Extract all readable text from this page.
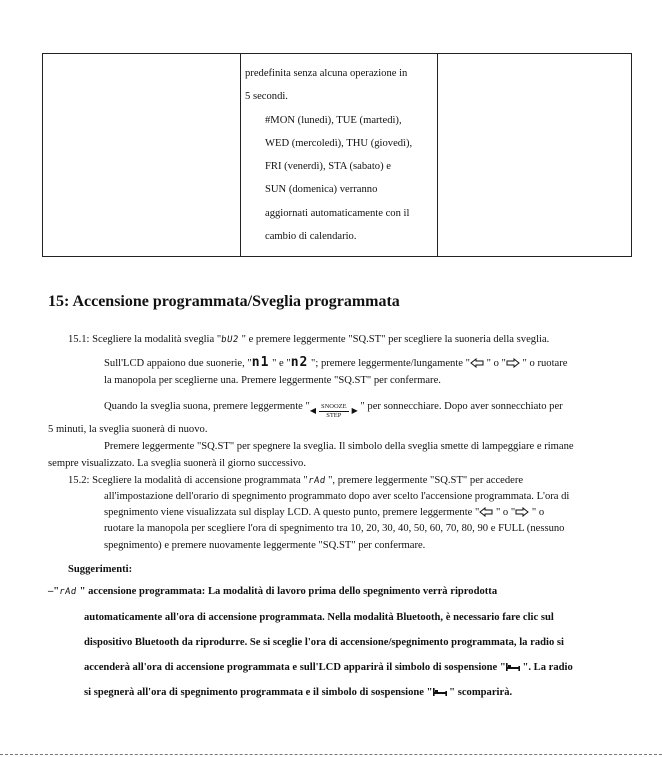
predefinita senza alcuna operazione in
5 secondi.
#MON (lunedì), TUE (martedì),
WED (mercoledì), THU (giovedì),
FRI (venerdì), STA (sabato) e
SUN (domenica) verranno
aggiornati automaticamente con il
cambio di calendario.
15: Accensione programmata/Sveglia programmata
15.1: Scegliere la modalità sveglia "bU2 " e premere leggermente "SQ.ST" per scegliere la suoneria della sveglia.
Sull'LCD appaiono due suonerie, "n1 " e "n2 "; premere leggermente/lungamente " " o " " o ruotare
la manopola per sceglierne una. Premere leggermente "SQ.ST" per confermare.
Quando la sveglia suona, premere leggermente " ◀ SNOOZE
STEP ▶ " per sonnecchiare. Dopo aver sonnecchiato per
5 minuti, la sveglia suonerà di nuovo.
Premere leggermente "SQ.ST" per spegnere la sveglia. Il simbolo della sveglia smette di lampeggiare e rimane
sempre visualizzato. La sveglia suonerà il giorno successivo.
15.2: Scegliere la modalità di accensione programmata "rAd ", premere leggermente "SQ.ST" per accedere
all'impostazione dell'orario di spegnimento programmato dopo aver scelto l'accensione programmata. L'ora di
spegnimento viene visualizzata sul display LCD. A questo punto, premere leggermente " " o " " o
ruotare la manopola per scegliere l'ora di spegnimento tra 10, 20, 30, 40, 50, 60, 70, 80, 90 e FULL (nessuno
spegnimento) e premere nuovamente leggermente "SQ.ST" per confermare.
Suggerimenti:
–"rAd " accensione programmata: La modalità di lavoro prima dello spegnimento verrà riprodotta
automaticamente all'ora di accensione programmata. Nella modalità Bluetooth, è necessario fare clic sul
dispositivo Bluetooth da riprodurre. Se si sceglie l'ora di accensione/spegnimento programmata, la radio si
accenderà all'ora di accensione programmata e sull'LCD apparirà il simbolo di sospensione " ". La radio
si spegnerà all'ora di spegnimento programmata e il simbolo di sospensione " " scomparirà.
